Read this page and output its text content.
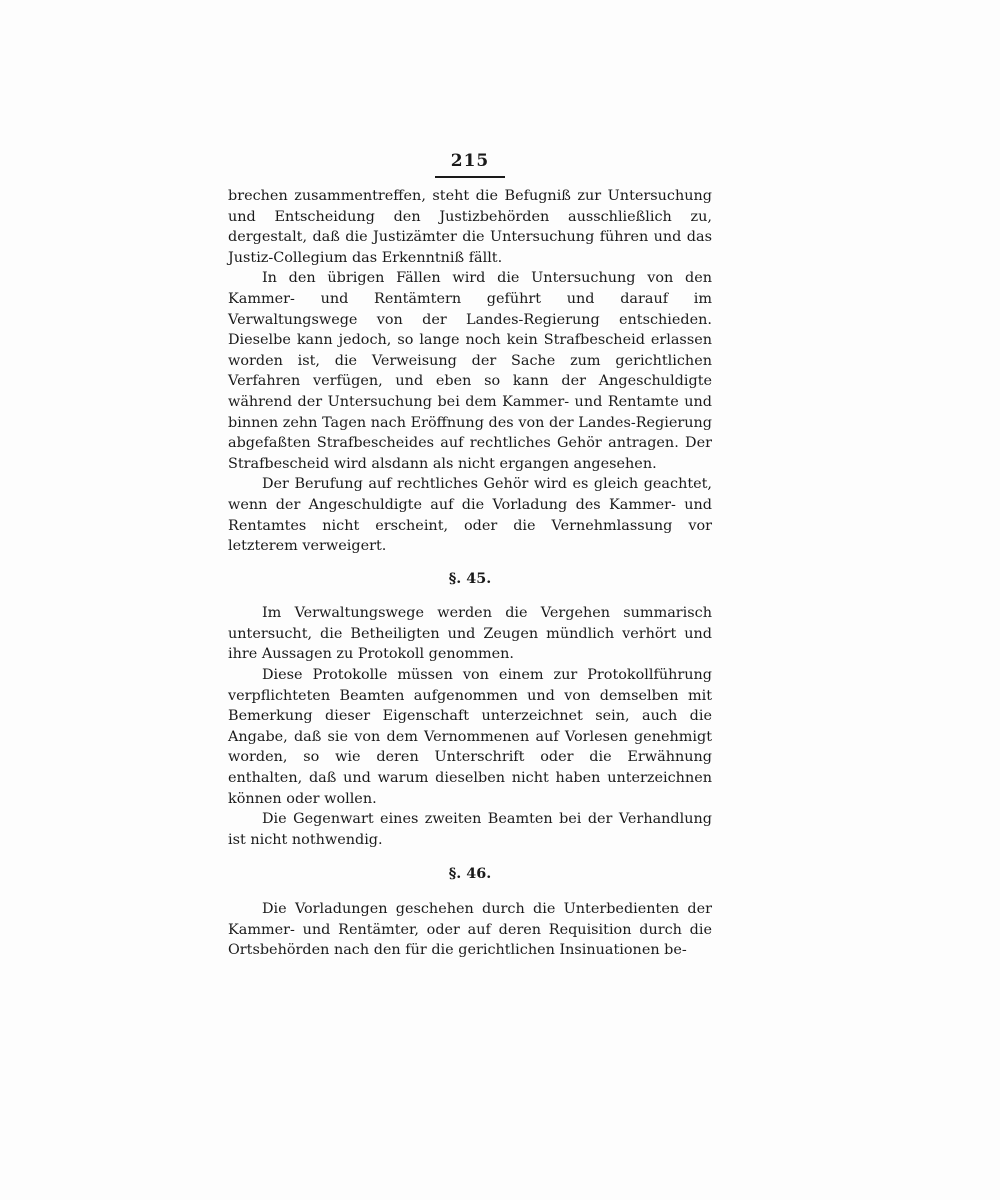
215

brechen zusammentreffen, steht die Befugniß zur Untersuchung und Entscheidung den Justizbehörden ausschließlich zu, dergestalt, daß die Justizämter die Untersuchung führen und das Justiz-Collegium das Erkenntniß fällt.

In den übrigen Fällen wird die Untersuchung von den Kammer- und Rentämtern geführt und darauf im Verwaltungswege von der Landes-Regierung entschieden. Dieselbe kann jedoch, so lange noch kein Strafbescheid erlassen worden ist, die Verweisung der Sache zum gerichtlichen Verfahren verfügen, und eben so kann der Angeschuldigte während der Untersuchung bei dem Kammer- und Rentamte und binnen zehn Tagen nach Eröffnung des von der Landes-Regierung abgefaßten Strafbescheides auf rechtliches Gehör antragen. Der Strafbescheid wird alsdann als nicht ergangen angesehen.

Der Berufung auf rechtliches Gehör wird es gleich geachtet, wenn der Angeschuldigte auf die Vorladung des Kammer- und Rentamtes nicht erscheint, oder die Vernehmlassung vor letzterem verweigert.

§. 45.

Im Verwaltungswege werden die Vergehen summarisch untersucht, die Betheiligten und Zeugen mündlich verhört und ihre Aussagen zu Protokoll genommen.

Diese Protokolle müssen von einem zur Protokollführung verpflichteten Beamten aufgenommen und von demselben mit Bemerkung dieser Eigenschaft unterzeichnet sein, auch die Angabe, daß sie von dem Vernommenen auf Vorlesen genehmigt worden, so wie deren Unterschrift oder die Erwähnung enthalten, daß und warum dieselben nicht haben unterzeichnen können oder wollen.

Die Gegenwart eines zweiten Beamten bei der Verhandlung ist nicht nothwendig.

§. 46.

Die Vorladungen geschehen durch die Unterbedienten der Kammer- und Rentämter, oder auf deren Requisition durch die Ortsbehörden nach den für die gerichtlichen Insinuationen be-
